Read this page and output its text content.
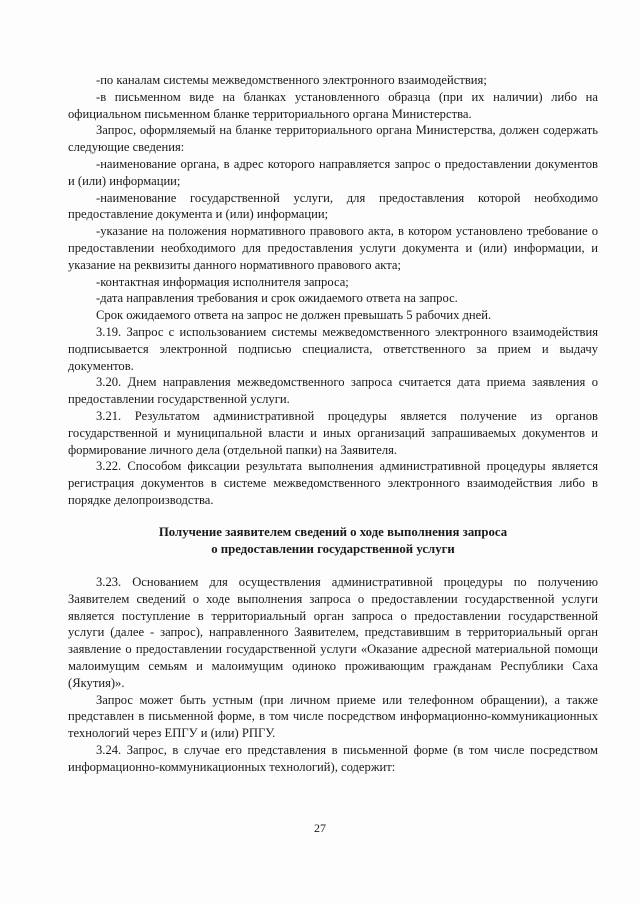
-по каналам системы межведомственного электронного взаимодействия;

-в письменном виде на бланках установленного образца (при их наличии) либо на официальном письменном бланке территориального органа Министерства.

Запрос, оформляемый на бланке территориального органа Министерства, должен содержать следующие сведения:

-наименование органа, в адрес которого направляется запрос о предоставлении документов и (или) информации;

-наименование государственной услуги, для предоставления которой необходимо предоставление документа и (или) информации;

-указание на положения нормативного правового акта, в котором установлено требование о предоставлении необходимого для предоставления услуги документа и (или) информации, и указание на реквизиты данного нормативного правового акта;

-контактная информация исполнителя запроса;

-дата направления требования и срок ожидаемого ответа на запрос.

Срок ожидаемого ответа на запрос не должен превышать 5 рабочих дней.

3.19. Запрос с использованием системы межведомственного электронного взаимодействия подписывается электронной подписью специалиста, ответственного за прием и выдачу документов.

3.20. Днем направления межведомственного запроса считается дата приема заявления о предоставлении государственной услуги.

3.21. Результатом административной процедуры является получение из органов государственной и муниципальной власти и иных организаций запрашиваемых документов и формирование личного дела (отдельной папки) на Заявителя.

3.22. Способом фиксации результата выполнения административной процедуры является регистрация документов в системе межведомственного электронного взаимодействия либо в порядке делопроизводства.

Получение заявителем сведений о ходе выполнения запроса
о предоставлении государственной услуги

3.23. Основанием для осуществления административной процедуры по получению Заявителем сведений о ходе выполнения запроса о предоставлении государственной услуги является поступление в территориальный орган запроса о предоставлении государственной услуги (далее - запрос), направленного Заявителем, представившим в территориальный орган заявление о предоставлении государственной услуги «Оказание адресной материальной помощи малоимущим семьям и малоимущим одиноко проживающим гражданам Республики Саха (Якутия)».

Запрос может быть устным (при личном приеме или телефонном обращении), а также представлен в письменной форме, в том числе посредством информационно-коммуникационных технологий через ЕПГУ и (или) РПГУ.

3.24. Запрос, в случае его представления в письменной форме (в том числе посредством информационно-коммуникационных технологий), содержит:

27
